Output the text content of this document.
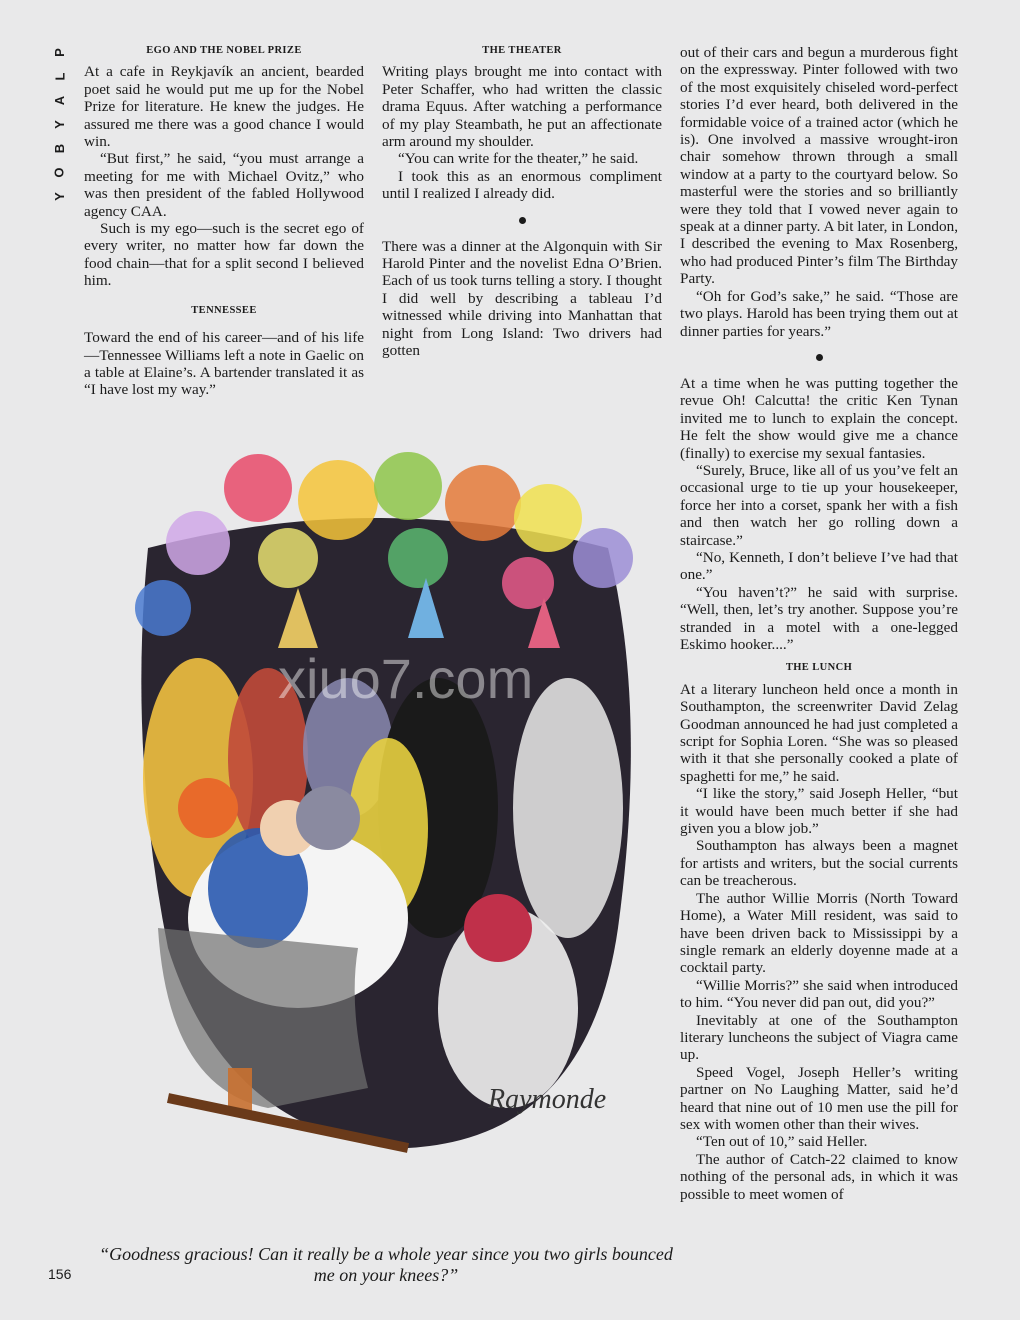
P
L
A
Y
B
O
Y
EGO AND THE NOBEL PRIZE

At a cafe in Reykjavík an ancient, bearded poet said he would put me up for the Nobel Prize for literature. He knew the judges. He assured me there was a good chance I would win.

“But first,” he said, “you must arrange a meeting for me with Michael Ovitz,” who was then president of the fabled Hollywood agency CAA.

Such is my ego—such is the secret ego of every writer, no matter how far down the food chain—that for a split second I believed him.

TENNESSEE

Toward the end of his career—and of his life—Tennessee Williams left a note in Gaelic on a table at Elaine’s. A bartender translated it as “I have lost my way.”

THE THEATER

Writing plays brought me into contact with Peter Schaffer, who had written the classic drama Equus. After watching a performance of my play Steambath, he put an affectionate arm around my shoulder.

“You can write for the theater,” he said.

I took this as an enormous compliment until I realized I already did.

There was a dinner at the Algonquin with Sir Harold Pinter and the novelist Edna O’Brien. Each of us took turns telling a story. I thought I did well by describing a tableau I’d witnessed while driving into Manhattan that night from Long Island: Two drivers had gotten

out of their cars and begun a murderous fight on the expressway. Pinter followed with two of the most exquisitely chiseled word-perfect stories I’d ever heard, both delivered in the formidable voice of a trained actor (which he is). One involved a massive wrought-iron chair somehow thrown through a small window at a party to the courtyard below. So masterful were the stories and so brilliantly were they told that I vowed never again to speak at a dinner party. A bit later, in London, I described the evening to Max Rosenberg, who had produced Pinter’s film The Birthday Party.

“Oh for God’s sake,” he said. “Those are two plays. Harold has been trying them out at dinner parties for years.”

At a time when he was putting together the revue Oh! Calcutta! the critic Ken Tynan invited me to lunch to explain the concept. He felt the show would give me a chance (finally) to exercise my sexual fantasies.

“Surely, Bruce, like all of us you’ve felt an occasional urge to tie up your housekeeper, force her into a corset, spank her with a fish and then watch her go rolling down a staircase.”

“No, Kenneth, I don’t believe I’ve had that one.”

“You haven’t?” he said with surprise. “Well, then, let’s try another. Suppose you’re stranded in a motel with a one-legged Eskimo hooker....”

THE LUNCH

At a literary luncheon held once a month in Southampton, the screenwriter David Zelag Goodman announced he had just completed a script for Sophia Loren. “She was so pleased with it that she personally cooked a plate of spaghetti for me,” he said.

“I like the story,” said Joseph Heller, “but it would have been much better if she had given you a blow job.”

Southampton has always been a magnet for artists and writers, but the social currents can be treacherous.

The author Willie Morris (North Toward Home), a Water Mill resident, was said to have been driven back to Mississippi by a single remark an elderly doyenne made at a cocktail party.

“Willie Morris?” she said when introduced to him. “You never did pan out, did you?”

Inevitably at one of the Southampton literary luncheons the subject of Viagra came up.

Speed Vogel, Joseph Heller’s writing partner on No Laughing Matter, said he’d heard that nine out of 10 men use the pill for sex with women other than their wives.

“Ten out of 10,” said Heller.

The author of Catch-22 claimed to know nothing of the personal ads, in which it was possible to meet women of

Raymonde
xiuo7.com
“Goodness gracious! Can it really be a whole year since you two girls bounced me on your knees?”
156
